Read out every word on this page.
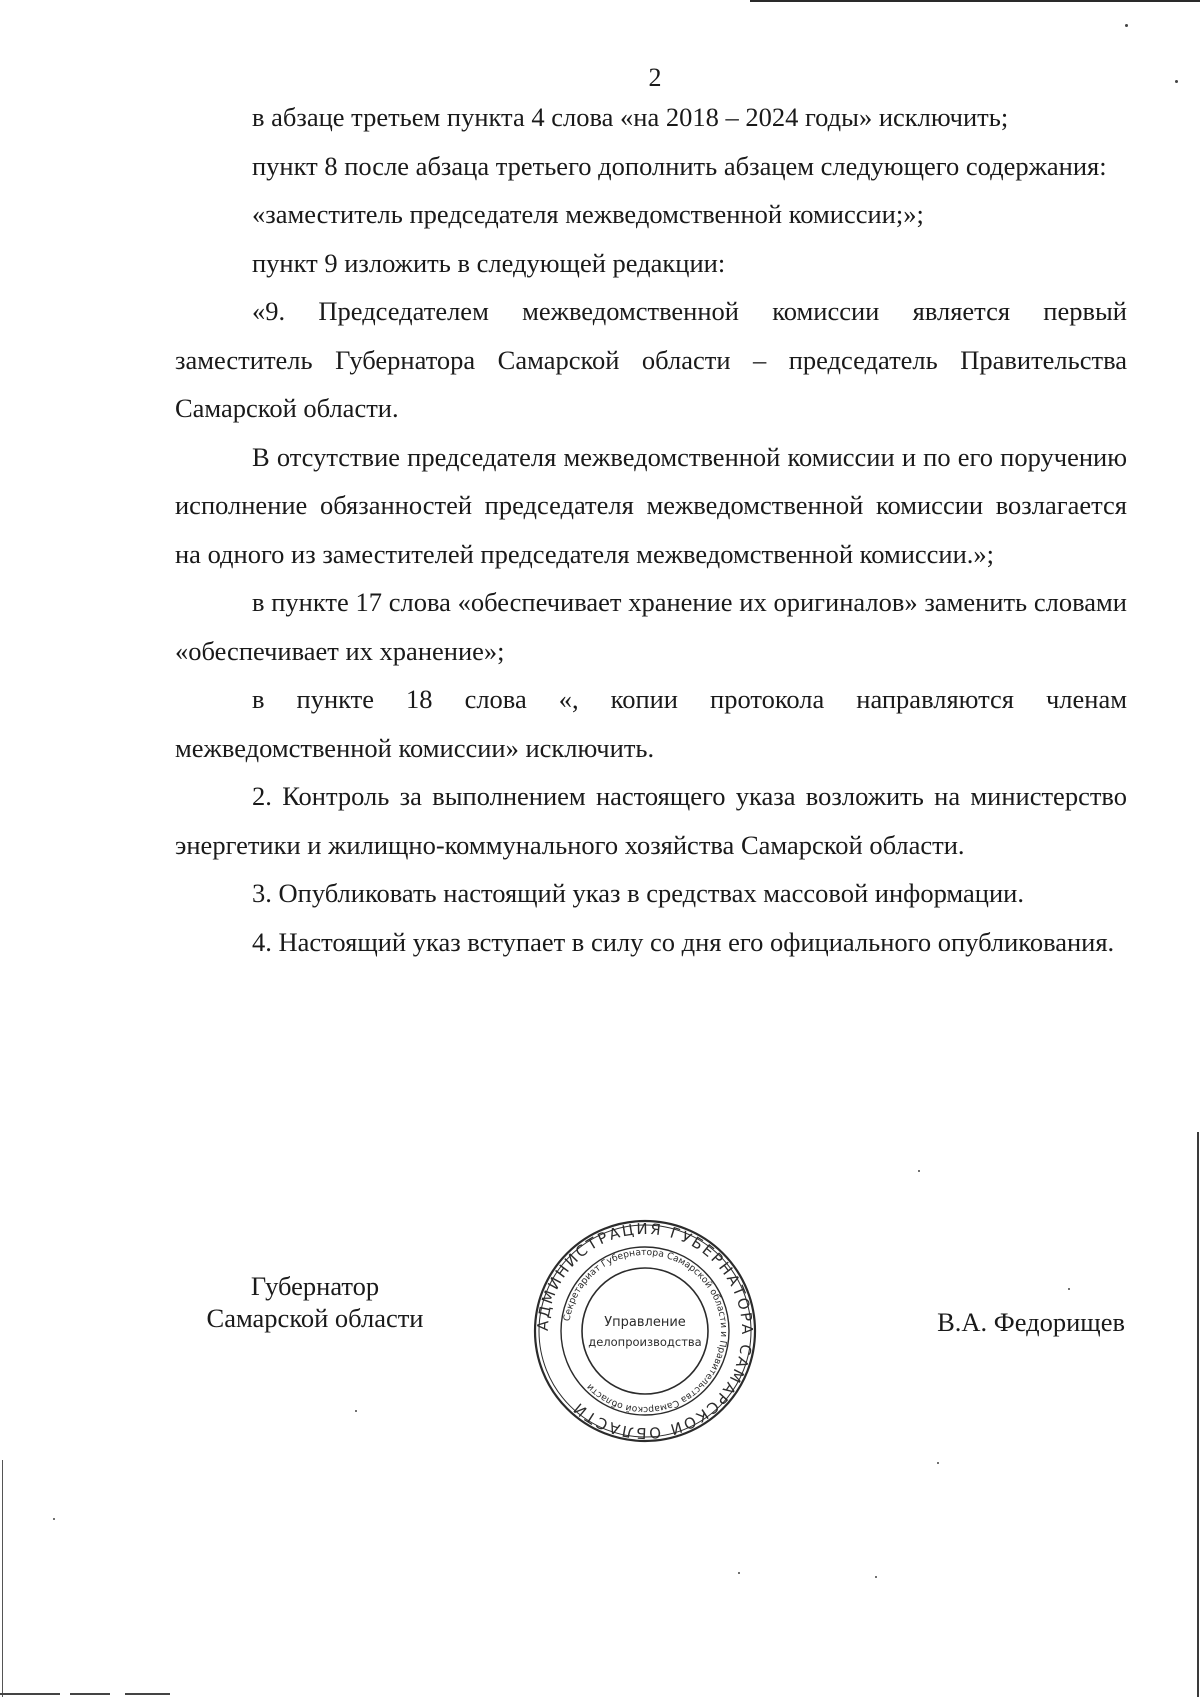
2

в абзаце третьем пункта 4 слова «на 2018 – 2024 годы» исключить;

пункт 8 после абзаца третьего дополнить абзацем следующего содержания:

«заместитель председателя межведомственной комиссии;»;

пункт 9 изложить в следующей редакции:

«9. Председателем межведомственной комиссии является первый заместитель Губернатора Самарской области – председатель Правительства Самарской области.

В отсутствие председателя межведомственной комиссии и по его поручению исполнение обязанностей председателя межведомственной комиссии возлагается на одного из заместителей председателя межведомственной комиссии.»;

в пункте 17 слова «обеспечивает хранение их оригиналов» заменить словами «обеспечивает их хранение»;

в пункте 18 слова «, копии протокола направляются членам межведомственной комиссии» исключить.

2. Контроль за выполнением настоящего указа возложить на министерство энергетики и жилищно-коммунального хозяйства Самарской области.

3. Опубликовать настоящий указ в средствах массовой информации.

4. Настоящий указ вступает в силу со дня его официального опубликования.

Губернатор
Самарской области	АДМИНИСТРАЦИЯ ГУБЕРНАТОРА САМАРСКОЙ ОБЛАСТИ
Секретариат Губернатора Самарской области и Правительства Самарской области
Управление
делопроизводства
В.А. Федорищев
